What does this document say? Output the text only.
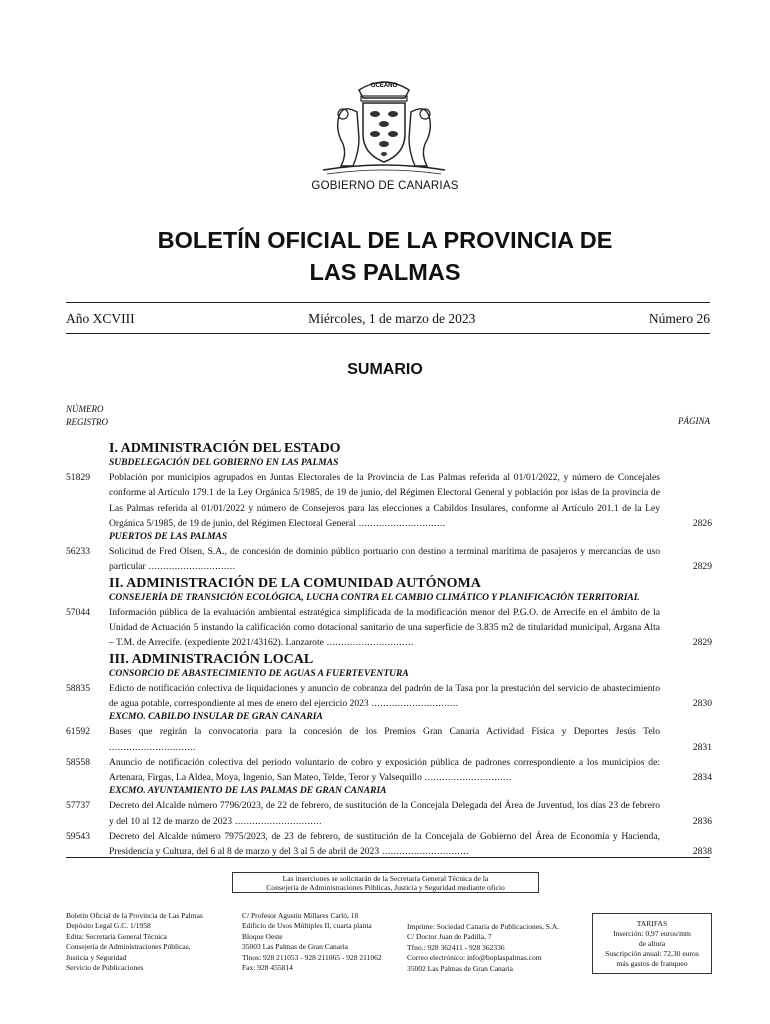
OCEANO
GOBIERNO DE CANARIAS
BOLETÍN OFICIAL DE LA PROVINCIA DE
LAS PALMAS
Año XCVIII	Miércoles, 1 de marzo de 2023	Número 26
SUMARIO
NÚMERO
REGISTRO	PÁGINA
I. ADMINISTRACIÓN DEL ESTADO
SUBDELEGACIÓN DEL GOBIERNO EN LAS PALMAS
51829	Población por municipios agrupados en Juntas Electorales de la Provincia de Las Palmas referida al 01/01/2022, y número de Concejales conforme al Artículo 179.1 de la Ley Orgánica 5/1985, de 19 de junio, del Régimen Electoral General y población por islas de la provincia de Las Palmas referida al 01/01/2022 y número de Consejeros para las elecciones a Cabildos Insulares, conforme al Artículo 201.1 de la Ley Orgánica 5/1985, de 19 de junio, del Régimen Electoral General ..............................	2826
PUERTOS DE LAS PALMAS
56233	Solicitud de Fred Olsen, S.A., de concesión de dominio público portuario con destino a terminal marítima de pasajeros y mercancías de uso particular ..............................	2829
II. ADMINISTRACIÓN DE LA COMUNIDAD AUTÓNOMA
CONSEJERÍA DE TRANSICIÓN ECOLÓGICA, LUCHA CONTRA EL CAMBIO CLIMÁTICO Y PLANIFICACIÓN TERRITORIAL
57044	Información pública de la evaluación ambiental estratégica simplificada de la modificación menor del P.G.O. de Arrecife en el ámbito de la Unidad de Actuación 5 instando la calificación como dotacional sanitario de una superficie de 3.835 m2 de titularidad municipal, Argana Alta – T.M. de Arrecife. (expediente 2021/43162). Lanzarote ..............................	2829
III. ADMINISTRACIÓN LOCAL
CONSORCIO DE ABASTECIMIENTO DE AGUAS A FUERTEVENTURA
58835	Edicto de notificación colectiva de liquidaciones y anuncio de cobranza del padrón de la Tasa por la prestación del servicio de abastecimiento de agua potable, correspondiente al mes de enero del ejercicio 2023 ..............................	2830
EXCMO. CABILDO INSULAR DE GRAN CANARIA
61592	Bases que regirán la convocatoria para la concesión de los Premios Gran Canaria Actividad Física y Deportes Jesús Telo ..............................	2831
58558	Anuncio de notificación colectiva del periodo voluntario de cobro y exposición pública de padrones correspondiente a los municipios de: Artenara, Firgas, La Aldea, Moya, Ingenio, San Mateo, Telde, Teror y Valsequillo ..............................	2834
EXCMO. AYUNTAMIENTO DE LAS PALMAS DE GRAN CANARIA
57737	Decreto del Alcalde número 7796/2023, de 22 de febrero, de sustitución de la Concejala Delegada del Área de Juventud, los días 23 de febrero y del 10 al 12 de marzo de 2023 ..............................	2836
59543	Decreto del Alcalde número 7975/2023, de 23 de febrero, de sustitución de la Concejala de Gobierno del Área de Economía y Hacienda, Presidencia y Cultura, del 6 al 8 de marzo y del 3 al 5 de abril de 2023 ..............................	2838
Las inserciones se solicitarán de la Secretaría General Técnica de la
Consejería de Administraciones Públicas, Justicia y Seguridad mediante oficio
Boletín Oficial de la Provincia de Las Palmas
Depósito Legal G.C. 1/1958
Edita: Secretaría General Técnica
Consejería de Administraciones Públicas,
Justicia y Seguridad
Servicio de Publicaciones
C/ Profesor Agustín Millares Carló, 18
Edificio de Usos Múltiples II, cuarta planta
Bloque Oeste
35003 Las Palmas de Gran Canaria
Tlnos: 928 211053 - 928 211065 - 928 211062
Fax: 928 455814
Imprime: Sociedad Canaria de Publicaciones, S.A.
C/ Doctor Juan de Padilla, 7
Tfno.: 928 362411 - 928 362336
Correo electrónico: info@boplaspalmas.com
35002 Las Palmas de Gran Canaria
TARIFAS
Inserción: 0,97 euros/mm
de altura
Suscripción anual: 72,30 euros
más gastos de franqueo
